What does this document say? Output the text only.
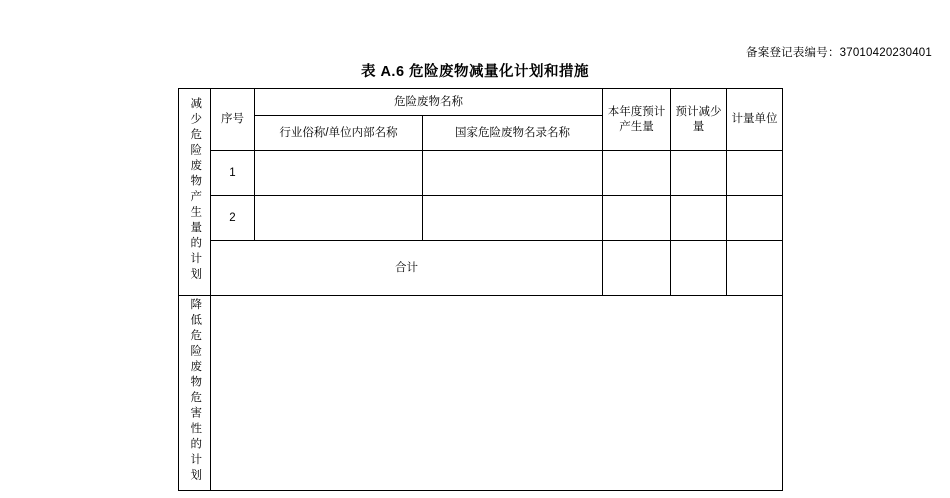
备案登记表编号：37010420230401
表 A.6 危险废物减量化计划和措施
减少危险废物产生量的计划	序号	危险废物名称		本年度预计产生量	预计减少量	计量单位
		行业俗称/单位内部名称	国家危险废物名录名称			
	1					
	2					
	合计					
降低危险废物危害性的计划						
